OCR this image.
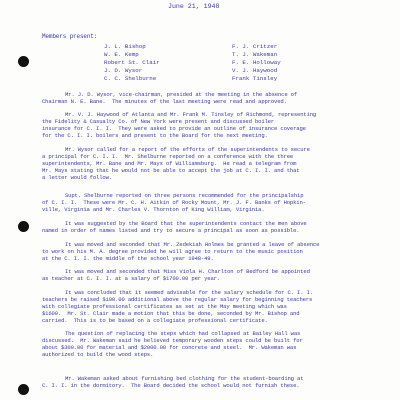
June 21, 1948
Members present:
J. L. Bishop
W. E. Kemp
Robert St. Clair
J. D. Wysor
C. C. Shelburne
F. J. Critzer
T. J. Wakeman
F. E. Holloway
V. J. Haywood
Frank Tinsley
Mr. J. D. Wysor, vice-chairman, presided at the meeting in the absence of
Chairman N. E. Bane.  The minutes of the last meeting were read and approved.
Mr. V. J. Haywood of Atlanta and Mr. Frank M. Tinsley of Richmond, representing
the Fidelity & Casualty Co. of New York were present and discussed boiler
insurance for C. I. I.  They were asked to provide an outline of insurance coverage
for the C. I. I. boilers and present to the Board for the next meeting.
Mr. Wysor called for a report of the efforts of the superintendents to secure
a principal for C. I. I.  Mr. Shelburne reported on a conference with the three
superintendents, Mr. Bane and Mr. Mays of Williamsburg.  He read a telegram from
Mr. Mays stating that he would not be able to accept the job at C. I. I. and that
a letter would follow.
Supt. Shelburne reported on three persons recommended for the principalship
of C. I. I.  These were Mr. C. H. Aitkin of Rocky Mount, Mr. J. F. Banks of Hopkin-
ville, Virginia and Mr. Charles V. Thornton of King William, Virginia.
It was suggested by the Board that the superintendents contact the men above
named in order of names listed and try to secure a principal as soon as possible.
It was moved and seconded that Mr. Zedekiah Holmes be granted a leave of absence
to work on his M. A. degree provided he will agree to return to the music position
at the C. I. I. the middle of the school year 1948-49.
It was moved and seconded that Miss Viola H. Charlton of Bedford be appointed
as teacher at C. I. I. at a salary of $1700.00 per year.
It was concluded that it seemed advisable for the salary schedule for C. I. I.
teachers be raised $100.00 additional above the regular salary for beginning teachers
with collegiate professional certificates as set at the May meeting which was
$1600.  Mr. St. Clair made a motion that this be done, seconded by Mr. Bishop and
carried.  This is to be based on a collegiate professional certificate.
The question of replacing the steps which had collapsed at Bailey Hall was
discussed.  Mr. Wakeman said he believed temporary wooden steps could be built for
about $300.00 for material and $2000.00 for concrete and steel.  Mr. Wakeman was
authorized to build the wood steps.
Mr. Wakeman asked about furnishing bed clothing for the student-boarding at
C. I. I. in the dormitory.  The Board decided the school would not furnish these.
